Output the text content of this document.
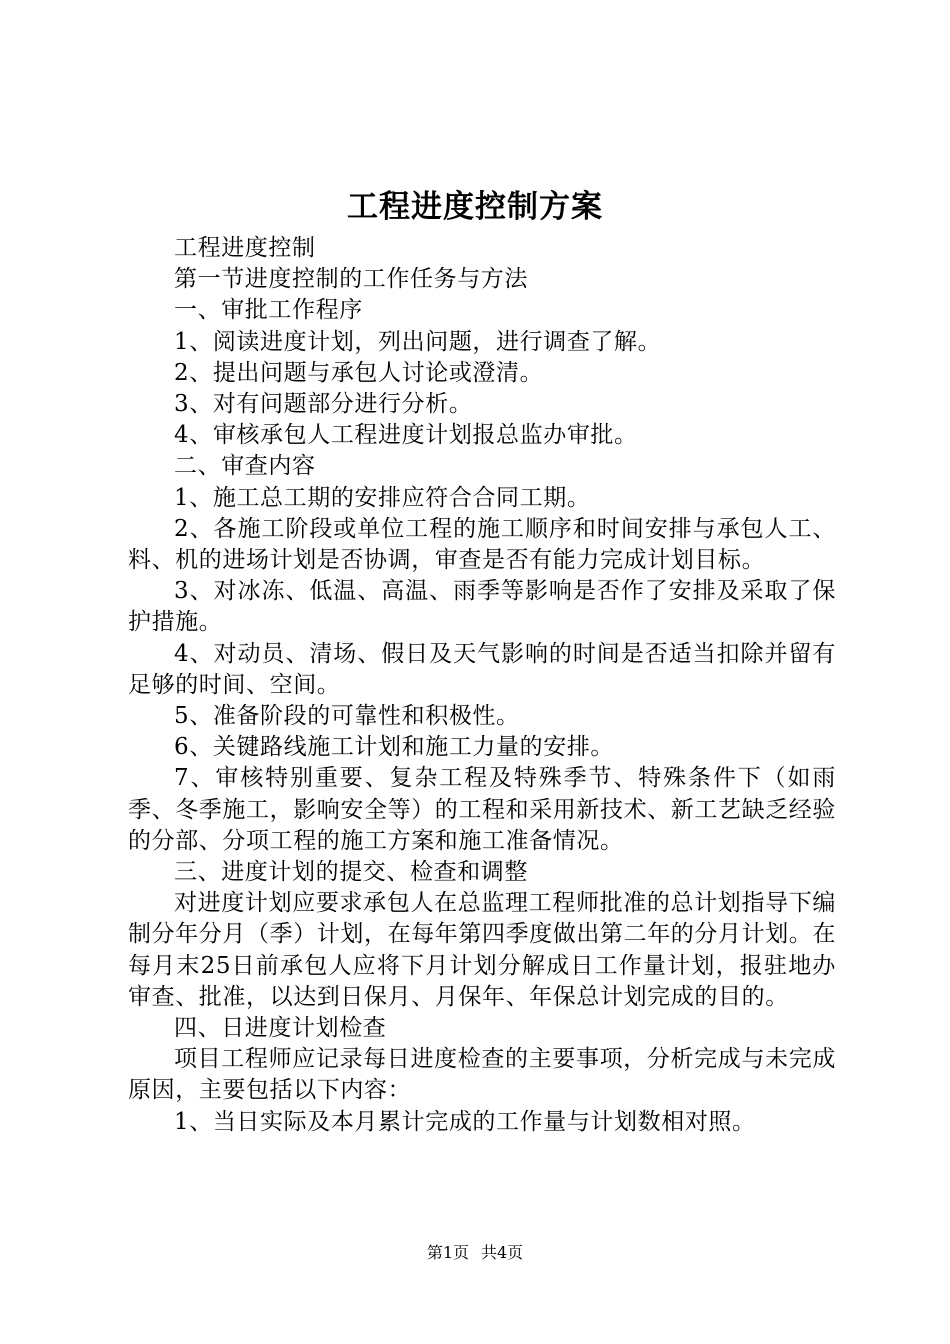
工程进度控制方案

工程进度控制

第一节进度控制的工作任务与方法

一、审批工作程序

1、阅读进度计划，列出问题，进行调查了解。

2、提出问题与承包人讨论或澄清。

3、对有问题部分进行分析。

4、审核承包人工程进度计划报总监办审批。

二、审查内容

1、施工总工期的安排应符合合同工期。

2、各施工阶段或单位工程的施工顺序和时间安排与承包人工、料、机的进场计划是否协调，审查是否有能力完成计划目标。

3、对冰冻、低温、高温、雨季等影响是否作了安排及采取了保护措施。

4、对动员、清场、假日及天气影响的时间是否适当扣除并留有足够的时间、空间。

5、准备阶段的可靠性和积极性。

6、关键路线施工计划和施工力量的安排。

7、审核特别重要、复杂工程及特殊季节、特殊条件下（如雨季、冬季施工，影响安全等）的工程和采用新技术、新工艺缺乏经验的分部、分项工程的施工方案和施工准备情况。

三、进度计划的提交、检查和调整

对进度计划应要求承包人在总监理工程师批准的总计划指导下编制分年分月（季）计划，在每年第四季度做出第二年的分月计划。在每月末25日前承包人应将下月计划分解成日工作量计划，报驻地办审查、批准，以达到日保月、月保年、年保总计划完成的目的。

四、日进度计划检查

项目工程师应记录每日进度检查的主要事项，分析完成与未完成原因，主要包括以下内容：

1、当日实际及本月累计完成的工作量与计划数相对照。

第1页 共4页
